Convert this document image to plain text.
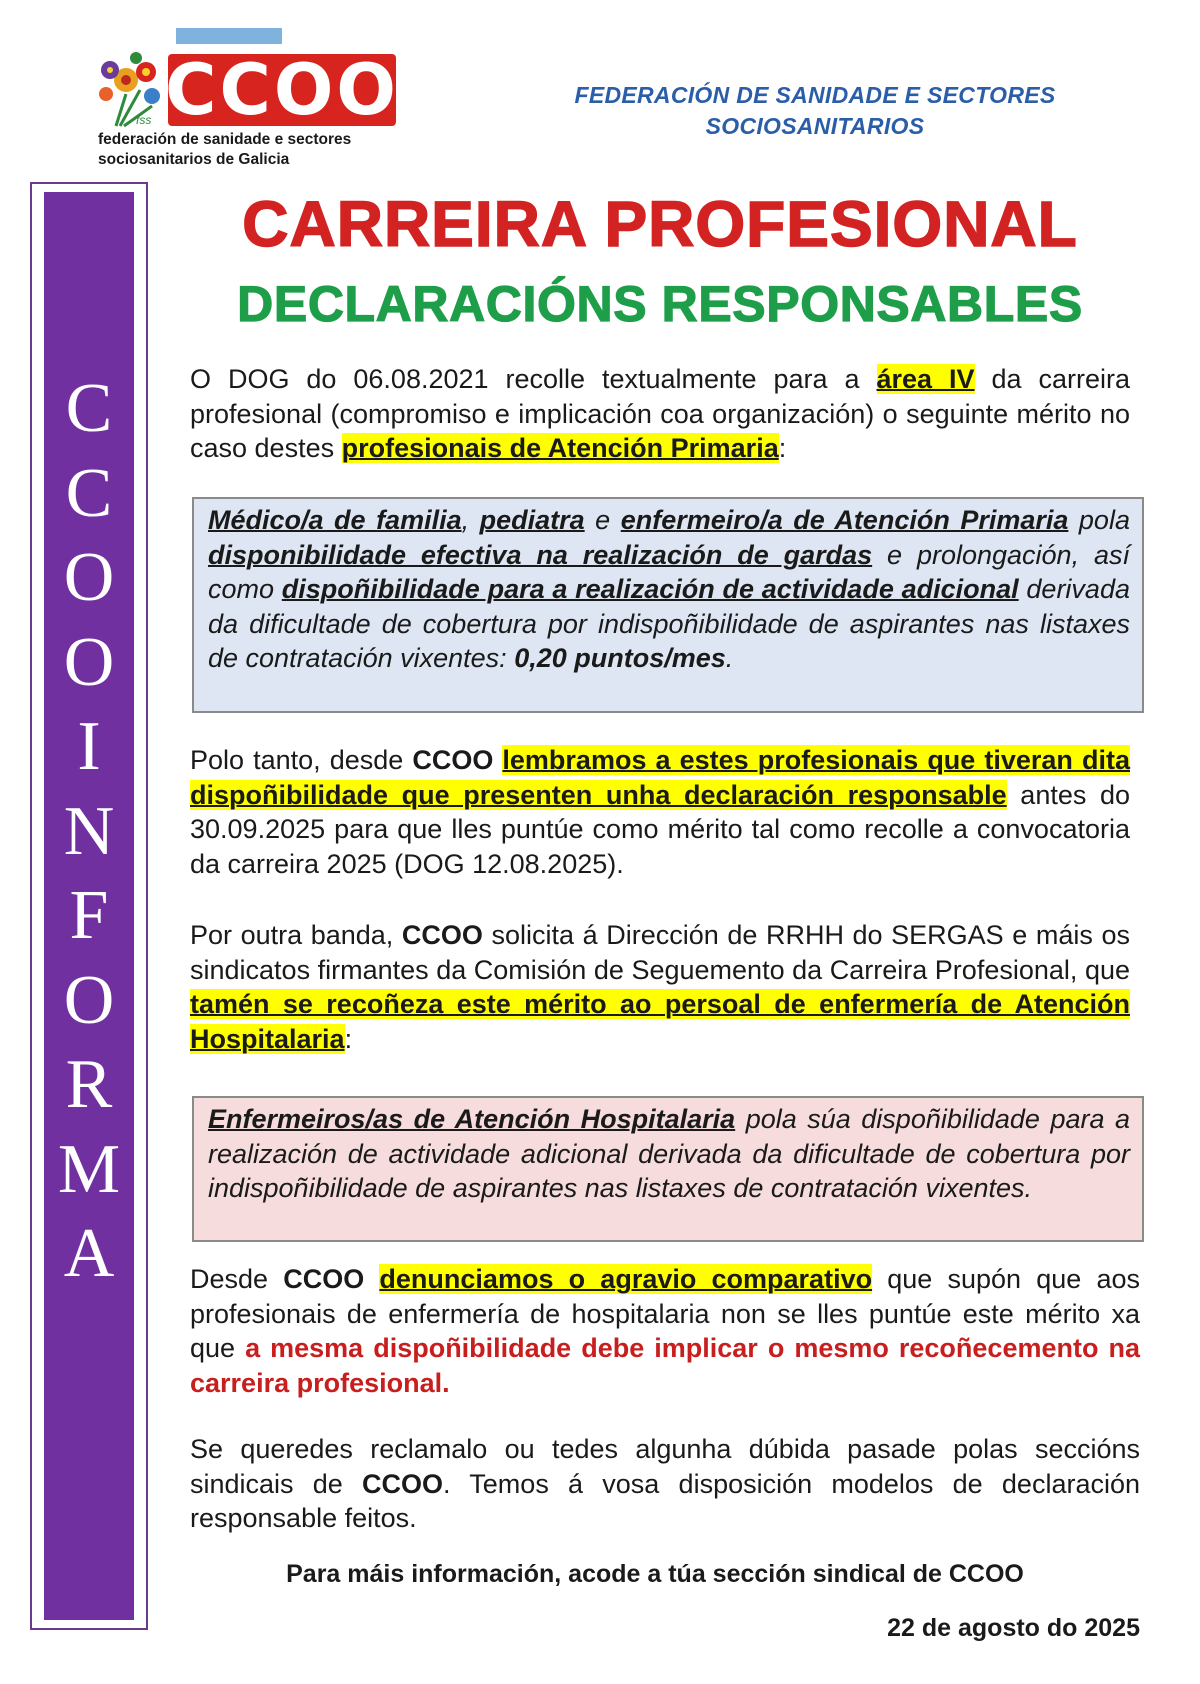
fss CCOO
federación de sanidade e sectores
sociosanitarios de Galicia
FEDERACIÓN DE SANIDADE E SECTORES
SOCIOSANITARIOS
C
C
O
O
I
N
F
O
R
M
A
CARREIRA PROFESIONAL
DECLARACIÓNS RESPONSABLES
O DOG do 06.08.2021 recolle textualmente para a área IV da carreira profesional (compromiso e implicación coa organización) o seguinte mérito no caso destes profesionais de Atención Primaria:
Médico/a de familia, pediatra e enfermeiro/a de Atención Primaria pola disponibilidade efectiva na realización de gardas e prolongación, así como dispoñibilidade para a realización de actividade adicional derivada da dificultade de cobertura por indispoñibilidade de aspirantes nas listaxes de contratación vixentes: 0,20 puntos/mes.
Polo tanto, desde CCOO lembramos a estes profesionais que tiveran dita dispoñibilidade que presenten unha declaración responsable antes do 30.09.2025 para que lles puntúe como mérito tal como recolle a convocatoria da carreira 2025 (DOG 12.08.2025).
Por outra banda, CCOO solicita á Dirección de RRHH do SERGAS e máis os sindicatos firmantes da Comisión de Seguemento da Carreira Profesional, que tamén se recoñeza este mérito ao persoal de enfermería de Atención Hospitalaria:
Enfermeiros/as de Atención Hospitalaria pola súa dispoñibilidade para a realización de actividade adicional derivada da dificultade de cobertura por indispoñibilidade de aspirantes nas listaxes de contratación vixentes.
Desde CCOO denunciamos o agravio comparativo que supón que aos profesionais de enfermería de hospitalaria non se lles puntúe este mérito xa que a mesma dispoñibilidade debe implicar o mesmo recoñecemento na carreira profesional.
Se queredes reclamalo ou tedes algunha dúbida pasade polas seccións sindicais de CCOO. Temos á vosa disposición modelos de declaración responsable feitos.
Para máis información, acode a túa sección sindical de CCOO
22 de agosto do 2025
